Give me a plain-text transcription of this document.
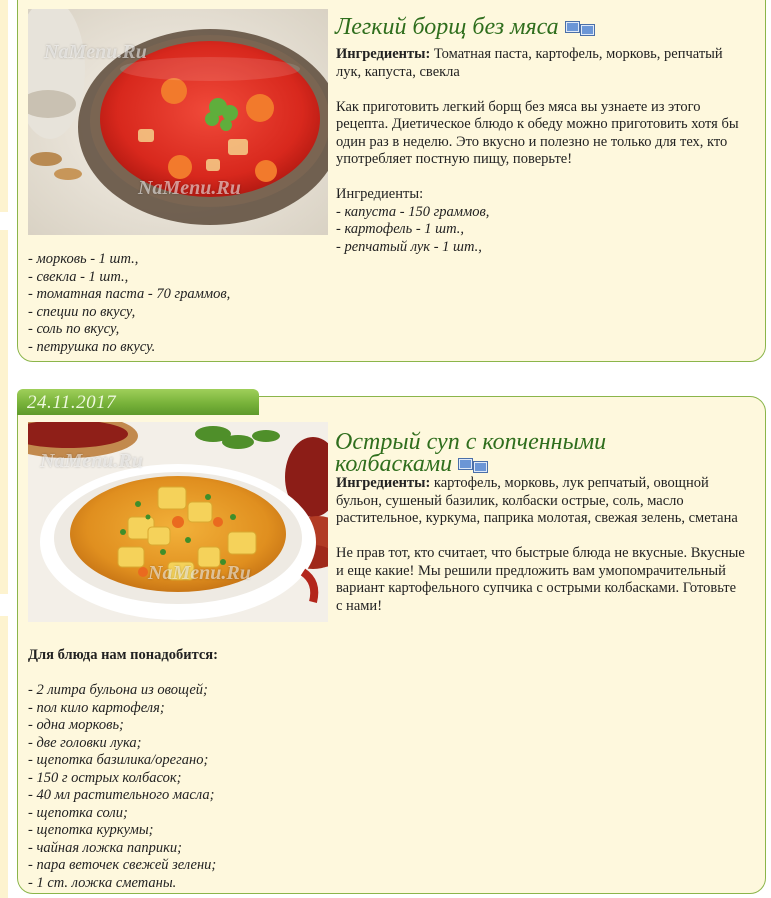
NaMenu.Ru
NaMenu.Ru
Легкий борщ без мяса

Ингредиенты: Томатная паста, картофель, морковь, репчатый лук, капуста, свекла

Как приготовить легкий борщ без мяса вы узнаете из этого рецепта. Диетическое блюдо к обеду можно приготовить хотя бы один раз в неделю. Это вкусно и полезно не только для тех, кто употребляет постную пищу, поверьте!

Ингредиенты:

- капуста - 150 граммов,

- картофель - 1 шт.,

- репчатый лук - 1 шт.,

- морковь - 1 шт.,

- свекла - 1 шт.,

- томатная паста - 70 граммов,

- специи по вкусу,

- соль по вкусу,

- петрушка по вкусу.

24.11.2017
NaMenu.Ru
NaMenu.Ru
Острый суп с копченными
колбасками

Ингредиенты: картофель, морковь, лук репчатый, овощной бульон, сушеный базилик, колбаски острые, соль, масло растительное, куркума, паприка молотая, свежая зелень, сметана

Не прав тот, кто считает, что быстрые блюда не вкусные. Вкусные и еще какие! Мы решили предложить вам умопомрачительный вариант картофельного супчика с острыми колбасками. Готовьте с нами!

Для блюда нам понадобится:

- 2 литра бульона из овощей;

- пол кило картофеля;

- одна морковь;

- две головки лука;

- щепотка базилика/орегано;

- 150 г острых колбасок;

- 40 мл растительного масла;

- щепотка соли;

- щепотка куркумы;

- чайная ложка паприки;

- пара веточек свежей зелени;

- 1 ст. ложка сметаны.
